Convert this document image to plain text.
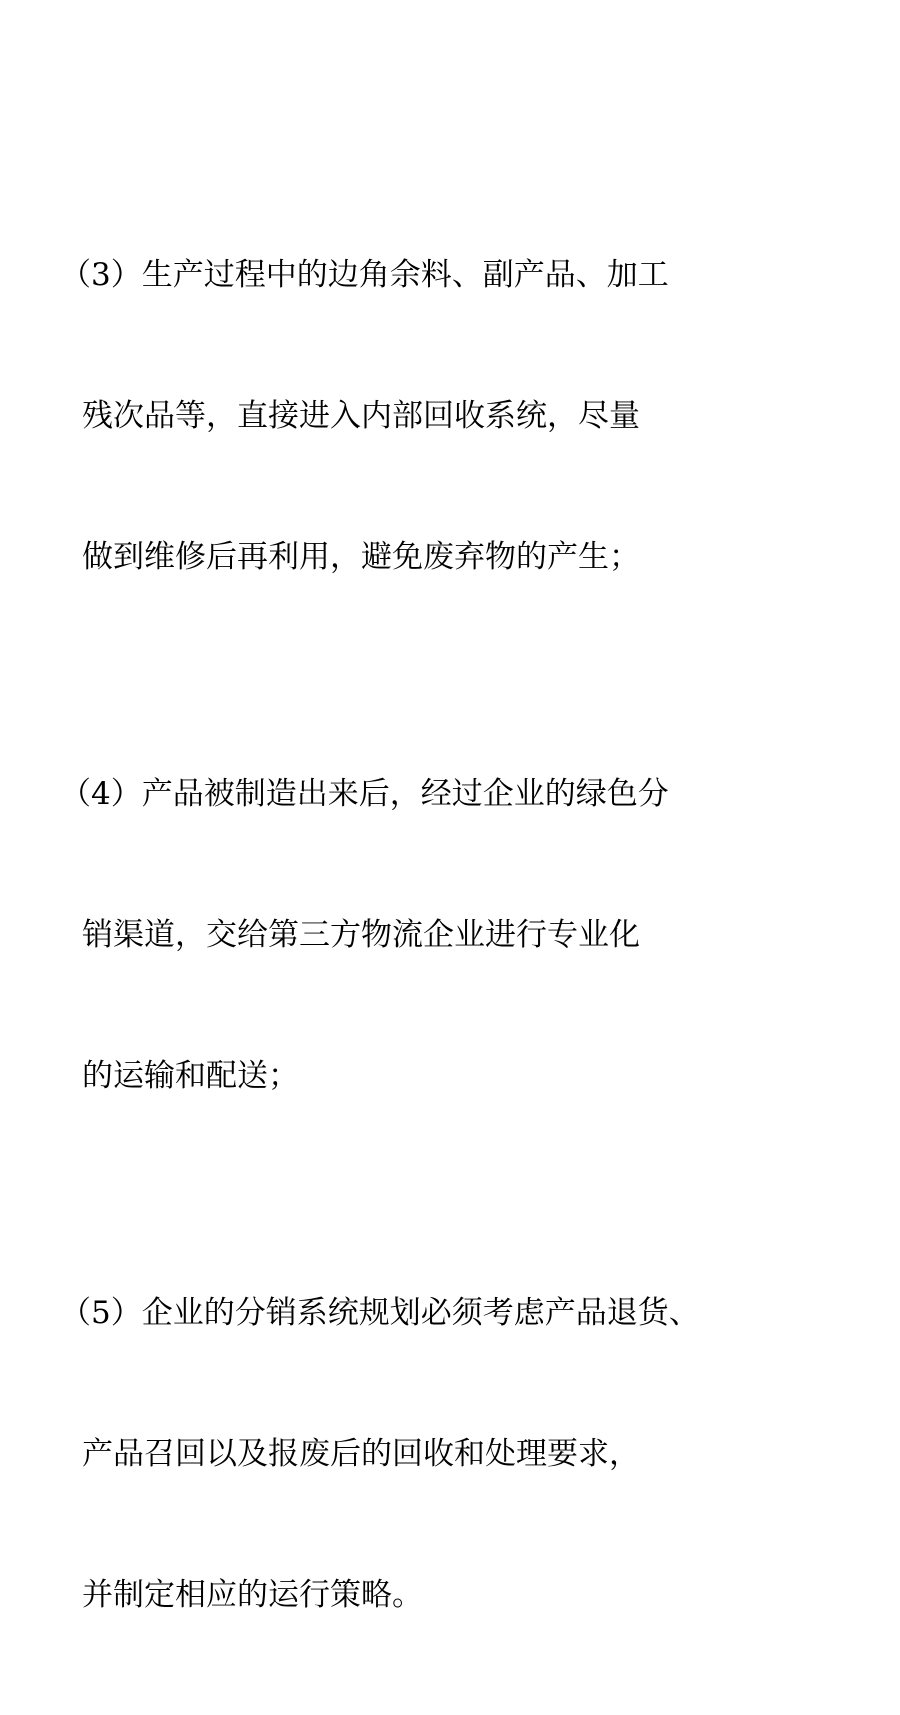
（3）生产过程中的边角余料、副产品、加工

残次品等，直接进入内部回收系统，尽量

做到维修后再利用，避免废弃物的产生；

（4）产品被制造出来后，经过企业的绿色分

销渠道，交给第三方物流企业进行专业化

的运输和配送；

（5）企业的分销系统规划必须考虑产品退货、

产品召回以及报废后的回收和处理要求，

并制定相应的运行策略。
